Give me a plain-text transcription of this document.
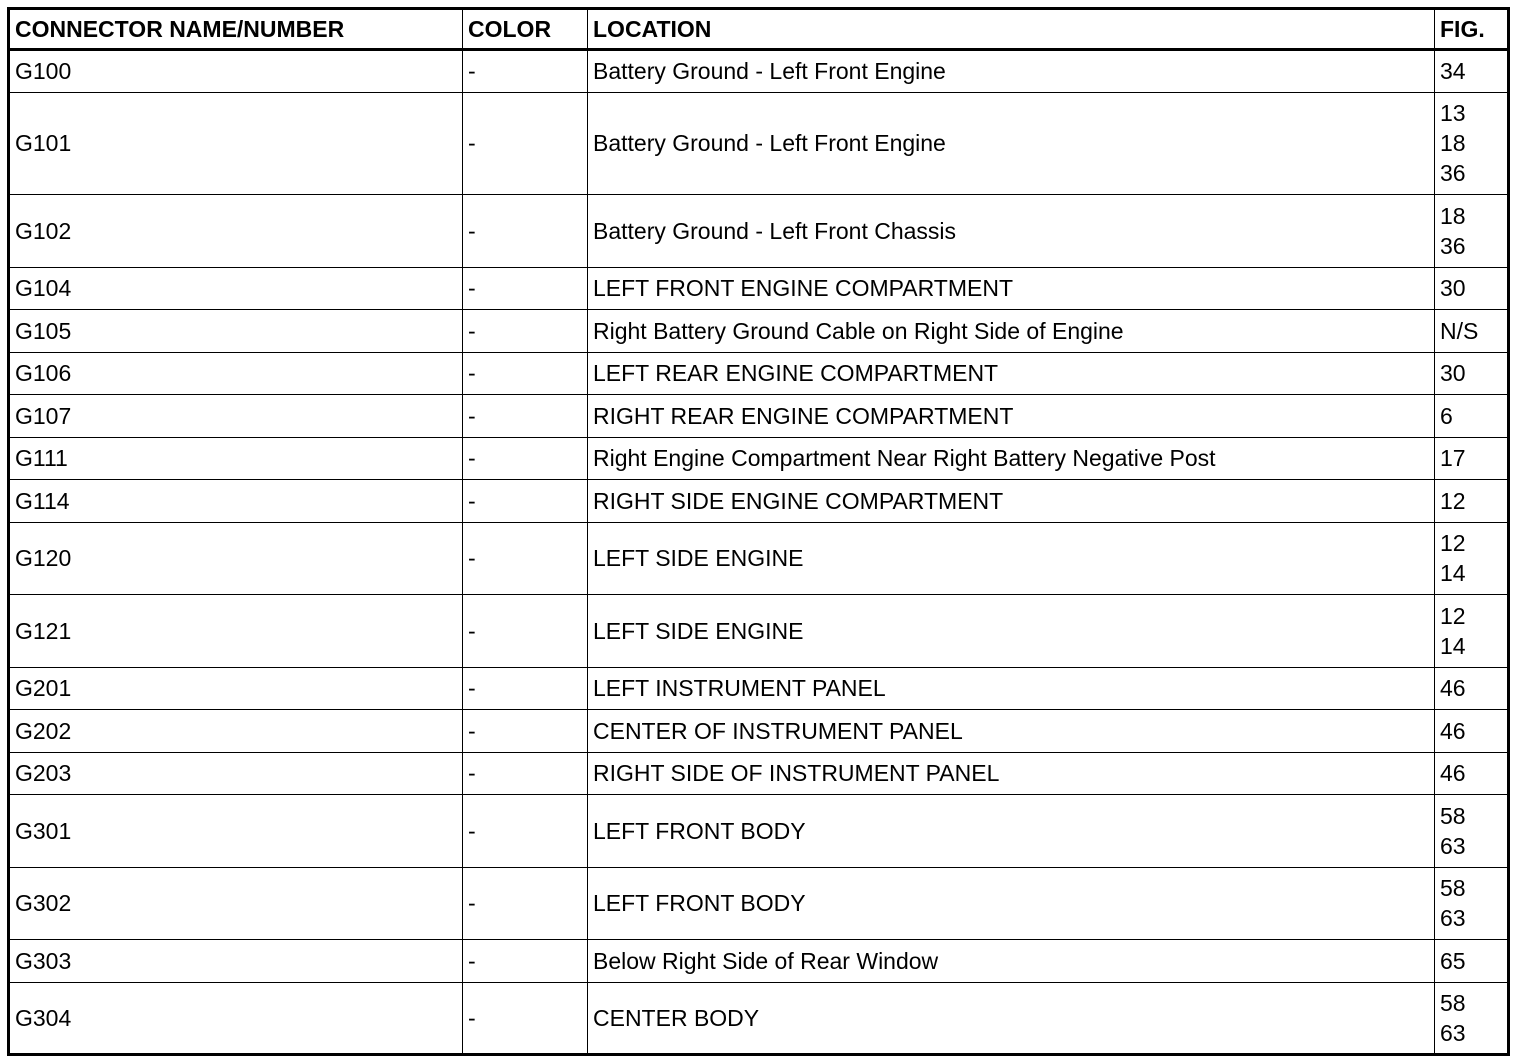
CONNECTOR NAME/NUMBER	COLOR	LOCATION	FIG.
G100	-	Battery Ground - Left Front Engine	34

G101	-	Battery Ground - Left Front Engine	13
18
36

G102	-	Battery Ground - Left Front Chassis	18
36

G104	-	LEFT FRONT ENGINE COMPARTMENT	30

G105	-	Right Battery Ground Cable on Right Side of Engine	N/S

G106	-	LEFT REAR ENGINE COMPARTMENT	30

G107	-	RIGHT REAR ENGINE COMPARTMENT	6

G111	-	Right Engine Compartment Near Right Battery Negative Post	17

G114	-	RIGHT SIDE ENGINE COMPARTMENT	12

G120	-	LEFT SIDE ENGINE	12
14

G121	-	LEFT SIDE ENGINE	12
14

G201	-	LEFT INSTRUMENT PANEL	46

G202	-	CENTER OF INSTRUMENT PANEL	46

G203	-	RIGHT SIDE OF INSTRUMENT PANEL	46

G301	-	LEFT FRONT BODY	58
63

G302	-	LEFT FRONT BODY	58
63

G303	-	Below Right Side of Rear Window	65

G304	-	CENTER BODY	58
63
